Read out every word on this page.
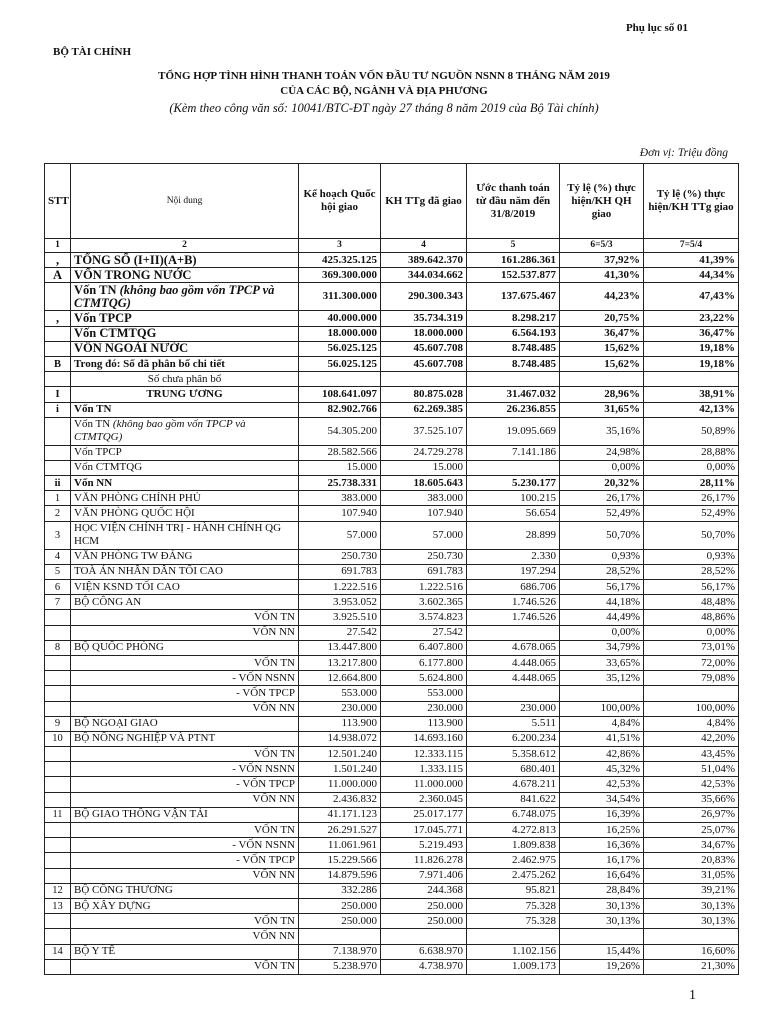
Phụ lục số 01
BỘ TÀI CHÍNH
TỔNG HỢP TÌNH HÌNH THANH TOÁN VỐN ĐẦU TƯ NGUỒN NSNN 8 THÁNG NĂM 2019
CỦA CÁC BỘ, NGÀNH VÀ ĐỊA PHƯƠNG
(Kèm theo công văn số: 10041/BTC-ĐT ngày 27 tháng 8 năm 2019 của Bộ Tài chính)
Đơn vị: Triệu đồng
STT	Nội dung	Kế hoạch Quốc hội giao	KH TTg đã giao	Ước thanh toán từ đầu năm đến 31/8/2019	Tỷ lệ (%) thực hiện/KH QH giao	Tỷ lệ (%) thực hiện/KH TTg giao
1	2	3	4	5	6=5/3	7=5/4
,	TỔNG SỐ (I+II)(A+B)	425.325.125	389.642.370	161.286.361	37,92%	41,39%
A	VỐN TRONG NƯỚC	369.300.000	344.034.662	152.537.877	41,30%	44,34%
	Vốn TN (không bao gồm vốn TPCP và CTMTQG)	311.300.000	290.300.343	137.675.467	44,23%	47,43%
,	Vốn TPCP	40.000.000	35.734.319	8.298.217	20,75%	23,22%
	Vốn CTMTQG	18.000.000	18.000.000	6.564.193	36,47%	36,47%
	VỐN NGOÀI NƯỚC	56.025.125	45.607.708	8.748.485	15,62%	19,18%
B	Trong đó: Số đã phân bổ chi tiết	56.025.125	45.607.708	8.748.485	15,62%	19,18%
	Số chưa phân bổ					
I	TRUNG ƯƠNG	108.641.097	80.875.028	31.467.032	28,96%	38,91%
i	Vốn TN	82.902.766	62.269.385	26.236.855	31,65%	42,13%
	Vốn TN (không bao gồm vốn TPCP và CTMTQG)	54.305.200	37.525.107	19.095.669	35,16%	50,89%
	Vốn TPCP	28.582.566	24.729.278	7.141.186	24,98%	28,88%
	Vốn CTMTQG	15.000	15.000		0,00%	0,00%
ii	Vốn NN	25.738.331	18.605.643	5.230.177	20,32%	28,11%
1	VĂN PHÒNG CHÍNH PHỦ	383.000	383.000	100.215	26,17%	26,17%
2	VĂN PHÒNG QUỐC HỘI	107.940	107.940	56.654	52,49%	52,49%
3	HỌC VIỆN CHÍNH TRỊ - HÀNH CHÍNH QG HCM	57.000	57.000	28.899	50,70%	50,70%
4	VĂN PHÒNG TW ĐẢNG	250.730	250.730	2.330	0,93%	0,93%
5	TOÀ ÁN NHÂN DÂN TỐI CAO	691.783	691.783	197.294	28,52%	28,52%
6	VIỆN KSND TỐI CAO	1.222.516	1.222.516	686.706	56,17%	56,17%
7	BỘ CÔNG AN	3.953.052	3.602.365	1.746.526	44,18%	48,48%
	VỐN TN	3.925.510	3.574.823	1.746.526	44,49%	48,86%
	VỐN NN	27.542	27.542		0,00%	0,00%
8	BỘ QUỐC PHÒNG	13.447.800	6.407.800	4.678.065	34,79%	73,01%
	VỐN TN	13.217.800	6.177.800	4.448.065	33,65%	72,00%
	- VỐN NSNN	12.664.800	5.624.800	4.448.065	35,12%	79,08%
	- VỐN TPCP	553.000	553.000			
	VỐN NN	230.000	230.000	230.000	100,00%	100,00%
9	BỘ NGOẠI GIAO	113.900	113.900	5.511	4,84%	4,84%
10	BỘ NÔNG NGHIỆP VÀ PTNT	14.938.072	14.693.160	6.200.234	41,51%	42,20%
	VỐN TN	12.501.240	12.333.115	5.358.612	42,86%	43,45%
	- VỐN NSNN	1.501.240	1.333.115	680.401	45,32%	51,04%
	- VỐN TPCP	11.000.000	11.000.000	4.678.211	42,53%	42,53%
	VỐN NN	2.436.832	2.360.045	841.622	34,54%	35,66%
11	BỘ GIAO THÔNG VẬN TẢI	41.171.123	25.017.177	6.748.075	16,39%	26,97%
	VỐN TN	26.291.527	17.045.771	4.272.813	16,25%	25,07%
	- VỐN NSNN	11.061.961	5.219.493	1.809.838	16,36%	34,67%
	- VỐN TPCP	15.229.566	11.826.278	2.462.975	16,17%	20,83%
	VỐN NN	14.879.596	7.971.406	2.475.262	16,64%	31,05%
12	BỘ CÔNG THƯƠNG	332.286	244.368	95.821	28,84%	39,21%
13	BỘ XÂY DỰNG	250.000	250.000	75.328	30,13%	30,13%
	VỐN TN	250.000	250.000	75.328	30,13%	30,13%
	VỐN NN					
14	BỘ Y TẾ	7.138.970	6.638.970	1.102.156	15,44%	16,60%
	VỐN TN	5.238.970	4.738.970	1.009.173	19,26%	21,30%
1
